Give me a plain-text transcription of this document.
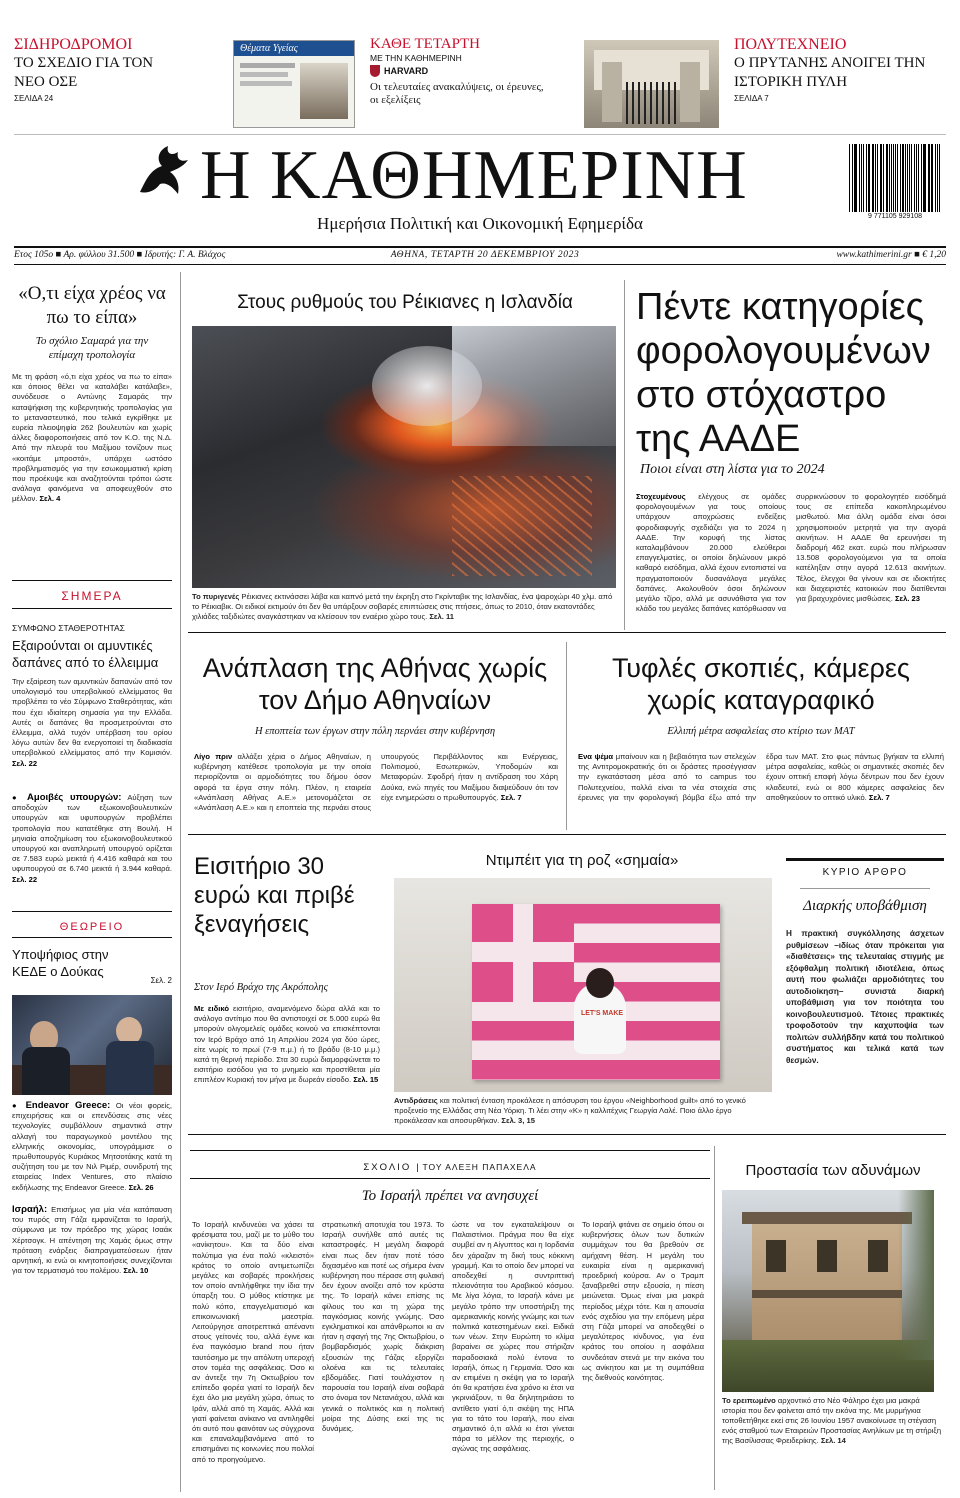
ΣΙΔΗΡΟΔΡΟΜΟΙ
ΤΟ ΣΧΕΔΙΟ ΓΙΑ ΤΟΝ ΝΕΟ ΟΣΕ
ΣΕΛΙΔΑ 24
Θέματα Υγείας	ΚΑΘΕ ΤΕΤΑΡΤΗ
ΜΕ ΤΗΝ ΚΑΘΗΜΕΡΙΝΗ
HARVARD
Οι τελευταίες ανακαλύψεις, οι έρευνες, οι εξελίξεις
ΠΟΛΥΤΕΧΝΕΙΟ
Ο ΠΡΥΤΑΝΗΣ ΑΝΟΙΓΕΙ ΤΗΝ ΙΣΤΟΡΙΚΗ ΠΥΛΗ
ΣΕΛΙΔΑ 7
Η ΚΑΘΗΜΕΡΙΝΗ
Ημερήσια Πολιτική και Οικονομική Εφημερίδα	9 771105 929108
Ετος 105ο ■ Αρ. φύλλου 31.500 ■ Ιδρυτής: Γ. Α. Βλάχος	ΑΘΗΝΑ, ΤΕΤΑΡΤΗ 20 ΔΕΚΕΜΒΡΙΟΥ 2023	www.kathimerini.gr ■ € 1,20
«Ο,τι είχα χρέος να πω το είπα»
Το σχόλιο Σαμαρά για την επίμαχη τροπολογία
Με τη φράση «ό,τι είχα χρέος να πω το είπα» και όποιος θέλει να καταλάβει κατάλαβε», συνόδευσε ο Αντώνης Σαμαράς την καταψήφιση της κυβερνητικής τροπολογίας για το μεταναστευτικό, που τελικά εγκρίθηκε με ευρεία πλειοψηφία 262 βουλευτών και χωρίς άλλες διαφοροποιήσεις από τον Κ.Ο. της Ν.Δ. Από την πλευρά του Μαξίμου τονίζουν πως «κοιτάμε μπροστά», υπάρχει ωστόσο προβληματισμός για την εσωκομματική κρίση που προέκυψε και αναζητούνται τρόποι ώστε ανάλογα φαινόμενα να αποφευχθούν στο μέλλον. Σελ. 4
ΣΗΜΕΡΑ
ΣΥΜΦΩΝΟ ΣΤΑΘΕΡΟΤΗΤΑΣ
Εξαιρούνται οι αμυντικές δαπάνες από το έλλειμμα
Την εξαίρεση των αμυντικών δαπανών από τον υπολογισμό του υπερβολικού ελλείμματος θα προβλέπει το νέο Σύμφωνο Σταθερότητας, κάτι που έχει ιδιαίτερη σημασία για την Ελλάδα. Αυτές οι δαπάνες θα προσμετρούνται στο έλλειμμα, αλλά τυχόν υπέρβαση του ορίου λόγω αυτών δεν θα ενεργοποιεί τη διαδικασία υπερβολικού ελλείμματος από την Κομισιόν. Σελ. 22
● Αμοιβές υπουργών: Αύξηση των αποδοχών των εξωκοινοβουλευτικών υπουργών και υφυπουργών προβλέπει τροπολογία που κατατέθηκε στη Βουλή. Η μηνιαία αποζημίωση του εξωκοινοβουλευτικού υπουργού και αναπληρωτή υπουργού ορίζεται σε 7.583 ευρώ μεικτά ή 4.416 καθαρά και του υφυπουργού σε 6.740 μεικτά ή 3.944 καθαρά. Σελ. 22
ΘΕΩΡΕΙΟ
Υποψήφιος στην ΚΕΔΕ ο Δούκας
Σελ. 2
● Endeavor Greece: Οι νέοι φορείς, επιχειρήσεις και οι επενδύσεις στις νέες τεχνολογίες συμβάλλουν σημαντικά στην αλλαγή του παραγωγικού μοντέλου της ελληνικής οικονομίας, υπογράμμισε ο πρωθυπουργός Κυριάκος Μητσοτάκης κατά τη συζήτηση του με τον Νιλ Ριμέρ, συνιδρυτή της εταιρείας Index Ventures, στο πλαίσιο εκδήλωσης της Endeavor Greece. Σελ. 26
Ισραήλ: Επισήμως για μία νέα κατάπαυση του πυρός στη Γάζα εμφανίζεται το Ισραήλ, σύμφωνα με τον πρόεδρο της χώρας Ισαάκ Χέρτσογκ. Η απέντηση της Χαμάς όμως στην πρόταση ενάρξεις διαπραγματεύσεων ήταν αρνητική, κι ενώ οι κινητοποιήσεις συνεχίζονται για τον τερματισμό του πολέμου. Σελ. 10
Στους ρυθμούς του Ρέικιανες η Ισλανδία
Το πυριγενές Ρέικιανες εκτινάσσει λάβα και καπνό μετά την έκρηξη στο Γκρίνταβικ της Ισλανδίας, ένα ψαροχώρι 40 χλμ. από το Ρέικιαβικ. Οι ειδικοί εκτιμούν ότι δεν θα υπάρξουν σοβαρές επιπτώσεις στις πτήσεις, όπως το 2010, όταν εκατοντάδες χιλιάδες ταξιδιώτες αναγκάστηκαν να κλείσουν τον εναέριο χώρο τους. Σελ. 11
Πέντε κατηγορίες φορολογουμένων στο στόχαστρο της ΑΑΔΕ
Ποιοι είναι στη λίστα για το 2024
Στοχευμένους ελέγχους σε ομάδες φορολογουμένων για τους οποίους υπάρχουν αποχρώσεις ενδείξεις φοροδιαφυγής σχεδιάζει για το 2024 η ΑΑΔΕ. Την κορυφή της λίστας καταλαμβάνουν 20.000 ελεύθεροι επαγγελματίες, οι οποίοι δηλώνουν μικρό καθαρό εισόδημα, αλλά έχουν εντοπιστεί να πραγματοποιούν δυσανάλογα μεγάλες δαπάνες. Ακολουθούν όσοι δηλώνουν μεγάλο τζίρο, αλλά με ασυνάθιστα για τον κλάδο του μεγάλες δαπάνες κατόρθωσαν να συρρικνώσουν το φορολογητέο εισόδημά τους σε επίπεδα κακοπληρωμένου μισθωτού. Μια άλλη ομάδα είναι όσοι χρησιμοποιούν μετρητά για την αγορά ακινήτων. Η ΑΑΔΕ θα ερευνήσει τη διαδρομή 462 εκατ. ευρώ που πλήρωσαν 13.508 φορολογούμενοι για τα οποία κατέληξαν στην αγορά 12.613 ακινήτων. Τέλος, έλεγχοι θα γίνουν και σε ιδιοκτήτες και διαχειριστές κατοικιών που διατίθενται για βραχυχρόνιες μισθώσεις. Σελ. 23
Ανάπλαση της Αθήνας χωρίς τον Δήμο Αθηναίων
Η εποπτεία των έργων στην πόλη περνάει στην κυβέρνηση
Λίγο πριν αλλάξει χέρια ο Δήμος Αθηναίων, η κυβέρνηση κατέθεσε τροπολογία με την οποία περιορίζονται οι αρμοδιότητες του δήμου όσον αφορά τα έργα στην πόλη. Πλέον, η εταιρεία «Ανάπλαση Αθήνας Α.Ε.» μετονομάζεται σε «Ανάπλαση Α.Ε.» και η εποπτεία της περνάει στους υπουργούς Περιβάλλοντος και Ενέργειας, Πολιτισμού, Εσωτερικών, Υποδομών και Μεταφορών. Σφοδρή ήταν η αντίδραση του Χάρη Δούκα, ενώ πηγές του Μαξίμου διαψεύδουν ότι τον είχε ενημερώσει ο πρωθυπουργός. Σελ. 7
Τυφλές σκοπιές, κάμερες χωρίς καταγραφικό
Ελλιπή μέτρα ασφαλείας στο κτίριο των ΜΑΤ
Ενα ψέμα μπαίνουν και η βεβαιότητα των στελεχών της Αντιτρομοκρατικής ότι οι δράστες προσέγγισαν την εγκατάσταση μέσα από το campus του Πολυτεχνείου, πολλά είναι τα νέα στοιχεία στις έρευνες για την φορολογική βόμβα έξω από την έδρα των ΜΑΤ. Στο φως πάντως βγήκαν τα ελλιπή μέτρα ασφαλείας, καθώς οι σημαντικές σκοπιές δεν έχουν οπτική επαφή λόγω δέντρων που δεν έχουν κλαδευτεί, ενώ οι 800 κάμερες ασφαλείας δεν αποθηκεύουν το οπτικό υλικό. Σελ. 7
Εισιτήριο 30 ευρώ και πριβέ ξεναγήσεις
Στον Ιερό Βράχο της Ακρόπολης
Με ειδικό εισιτήριο, αναμενόμενο δώρα αλλά και το ανάλογο αντίτιμο που θα αντιστοιχεί σε 5.000 ευρώ θα μπορούν ολιγομελείς ομάδες κοινού να επισκέπτονται τον Ιερό Βράχο από 1η Απριλίου 2024 για δύο ώρες, είτε νωρίς το πρωί (7-9 π.μ.) ή το βράδυ (8-10 μ.μ.) κατά τη θερινή περίοδο. Στα 30 ευρώ διαμορφώνεται το εισιτήριο εισόδου για το μνημείο και προστίθεται μία επιπλέον Κυριακή τον μήνα με δωρεάν είσοδο. Σελ. 15
Ντιμπέιτ για τη ροζ «σημαία»
LET'S MAKE
Αντιδράσεις και πολιτική ένταση προκάλεσε η απόσυρση του έργου «Neighborhood guilt» από το γενικό προξενείο της Ελλάδας στη Νέα Υόρκη. Τι λέει στην «Κ» η καλλιτέχνις Γεωργία Λαλέ. Ποιο άλλο έργο προκάλεσαν και αποσυρθήκαν. Σελ. 3, 15
ΚΥΡΙΟ ΑΡΘΡΟ
Διαρκής υποβάθμιση
Η πρακτική συγκόλλησης άσχετων ρυθμίσεων –ιδίως όταν πρόκειται για «διαθέτσεις» της τελευταίας στιγμής με εξόφθαλμη πολιτική ιδιοτέλεια, όπως αυτή που φωλιάζει αρμοδιότητες του αυτοδιοίκηση– συνιστά διαρκή υποβάθμιση για τον ποιότητα του κοινοβουλευτισμού. Τέτοιες πρακτικές τροφοδοτούν την καχυποψία των πολιτών συλλήβδην κατά του πολιτικού συστήματος και τελικά κατά των θεσμών.
ΣΧΟΛΙΟ | ΤΟΥ ΑΛΕΞΗ ΠΑΠΑΧΕΛΑ
Το Ισραήλ πρέπει να ανησυχεί
Το Ισραήλ κινδυνεύει να χάσει τα φρέσιματα του, μαζί με το μύθο του «ανίκητου». Και τα δύο είναι πολύτιμα για ένα πολύ «κλειστό» κράτος το οποίο αντιμετωπίζει μεγάλες και σοβαρές προκλήσεις τον οποίο αντιλήφθηκε την ίδια την ύπαρξη του. Ο μύθος κτίστηκε με πολύ κόπο, επαγγελματισμό και επικοινωνιακή μαεστρία. Λειτούργησε αποτρεπτικά απέναντι στους γείτονές του, αλλά έγινε και ένα παγκόσμιο brand που ήταν ταυτόσημο με την απόλυτη υπεροχή στον τομέα της ασφάλειας. Όσο κι αν άντεξε την 7η Οκτωβρίου τον επίπεδο φορέα γιατί το Ισραήλ δεν έχει όλο μια μεγάλη χώρα, όπως το Ιράν, αλλά από τη Χαμάς. Αλλά και γιατί φαίνεται ανίκανο να αντιληφθεί ότι αυτό που φαινόταν ως σύγχρονα και επαναλαμβανόμενα από το επισημάνει τις κοινωνίες που πολλοί από το προηγούμενο.
στρατιωτική αποτυχία του 1973. Το Ισραήλ συνήλθε από αυτές τις καταστροφές. Η μεγάλη διαφορά είναι πως δεν ήταν ποτέ τόσο διχασμένο και ποτέ ως σήμερα έναν κυβέρνηση που πέρασε στη φυλακή δεν έχουν ανοίξει από τον κρύστα της. Το Ισραήλ κάνει επίσης τις φίλους του και τη χώρα της παγκόσμιας κοινής γνώμης. Όσο εγκληματικοί και απάνθρωποι κι αν ήταν η σφαγή της 7ης Οκτωβρίου, ο βομβαρδισμός χωρίς διάκριση εξουσιών της Γάζας εξοργίζει ολοένα και τις τελευταίες εβδομάδες. Γιατί τουλάχιστον η παρουσία του Ισραήλ είναι σοβαρά στο όνομα τον Νετανιάχου, αλλά και γενικά ο πολιτικός και η πολιτική μοίρα της Δύσης εκεί της τις δυνάμεις.
ώστε να τον εγκαταλείψουν οι Παλαιστίνιοι. Πράγμα που θα είχε συμβεί αν η Αίγυπτος και η Ιορδανία δεν χάραζαν τη δική τους κόκκινη γραμμή. Και το οποίο δεν μπορεί να αποδεχθεί η συντριπτική πλειονότητα του Αραβικού κόσμου. Με λίγα λόγια, το Ισραήλ κάνει με μεγάλο τρόπο την υποστήριξη της αμερικανικής κοινής γνώμης και των πολιτικά κατεστημένων εκεί. Ειδικά των νέων. Στην Ευρώπη το κλίμα βαραίνει σε χώρες που στήριζαν παραδοσιακά πολύ έντονα το Ισραήλ, όπως η Γερμανία. Όσο και αν επιμένει η σκέψη για το Ισραήλ ότι θα κρατήσει ένα χρόνο κι έτσι να γκρινιάξουν, τι θα δηλητηριάσει το αντίθετο γιατί ό,τι σκέψη της ΗΠΑ για το τάτο του Ισραήλ, που είναι σημαντικό ό,τι αλλά κι έτσι γίνεται πάρα το μέλλον της περιοχής, ο αγώνας της ασφάλειας.
Το Ισραήλ φτάνει σε σημείο όπου οι κυβερνήσεις όλων των δυτικών συμμάχων του θα βρεθούν σε αμήχανη θέση. Η μεγάλη του ευκαιρία είναι η αμερικανική προεδρική κούρσα. Αν ο Τραμπ ξαναβρεθεί στην εξουσία, η πίεση μειώνεται. Όμως είναι μια μακρά περίοδος μέχρι τότε. Και η απουσία ενός σχεδίου για την επόμενη μέρα στη Γάζα μπορεί να αποδειχθεί ο μεγαλύτερος κίνδυνος, για ένα κράτος του οποίου η ασφάλεια συνδεόταν στενά με την εικόνα του ως ανίκητου και με τη συμπάθεια της διεθνούς κοινότητας.
Προστασία των αδυνάμων
Το ερειπωμένο αρχοντικό στο Νέο Φάληρο έχει μια μακρά ιστορία που δεν φαίνεται από την εικόνα της. Με μυρμήγκια τοποθετήθηκε εκεί στις 26 Ιουνίου 1957 ανακοίνωσε τη στέγαση ενός σταθμού των Εταιρειών Προστασίας Ανηλίκων με τη στήριξη της Βασίλισσας Φρειδερίκης. Σελ. 14
